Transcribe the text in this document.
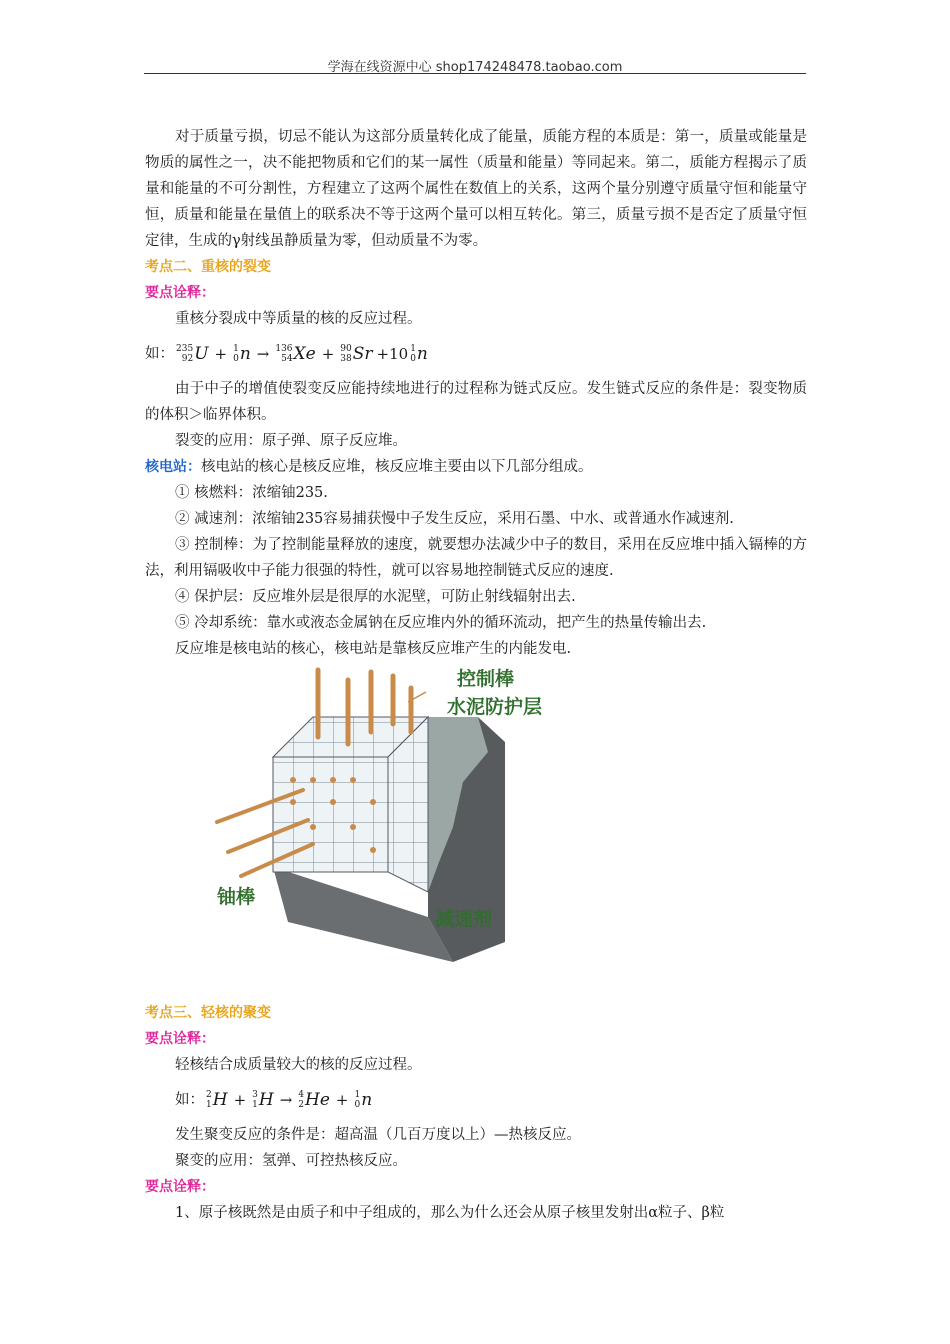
学海在线资源中心 shop174248478.taobao.com

对于质量亏损，切忌不能认为这部分质量转化成了能量，质能方程的本质是：第一，质量或能量是物质的属性之一，决不能把物质和它们的某一属性（质量和能量）等同起来。第二，质能方程揭示了质量和能量的不可分割性，方程建立了这两个属性在数值上的关系，这两个量分别遵守质量守恒和能量守恒，质量和能量在量值上的联系决不等于这两个量可以相互转化。第三，质量亏损不是否定了质量守恒定律，生成的γ射线虽静质量为零，但动质量不为零。

考点二、重核的裂变

要点诠释：

重核分裂成中等质量的核的反应过程。

如： 235
92 U + 1
0 n → 136
54 Xe + 90
38 Sr +10 1
0 n

由于中子的增值使裂变反应能持续地进行的过程称为链式反应。发生链式反应的条件是：裂变物质的体积＞临界体积。

裂变的应用：原子弹、原子反应堆。

核电站：核电站的核心是核反应堆，核反应堆主要由以下几部分组成。

① 核燃料：浓缩铀235.

② 减速剂：浓缩铀235容易捕获慢中子发生反应，采用石墨、中水、或普通水作减速剂.

③ 控制棒：为了控制能量释放的速度，就要想办法减少中子的数目，采用在反应堆中插入镉棒的方法，利用镉吸收中子能力很强的特性，就可以容易地控制链式反应的速度.

④ 保护层：反应堆外层是很厚的水泥壁，可防止射线辐射出去.

⑤ 冷却系统：靠水或液态金属钠在反应堆内外的循环流动，把产生的热量传输出去.

反应堆是核电站的核心，核电站是靠核反应堆产生的内能发电.

控制棒
水泥防护层
铀棒
减速剂

考点三、轻核的聚变

要点诠释：

轻核结合成质量较大的核的反应过程。

如： 2
1 H + 3
1 H → 4
2 He + 1
0 n

发生聚变反应的条件是：超高温（几百万度以上）—热核反应。

聚变的应用：氢弹、可控热核反应。

要点诠释：

1、原子核既然是由质子和中子组成的，那么为什么还会从原子核里发射出α粒子、β粒
